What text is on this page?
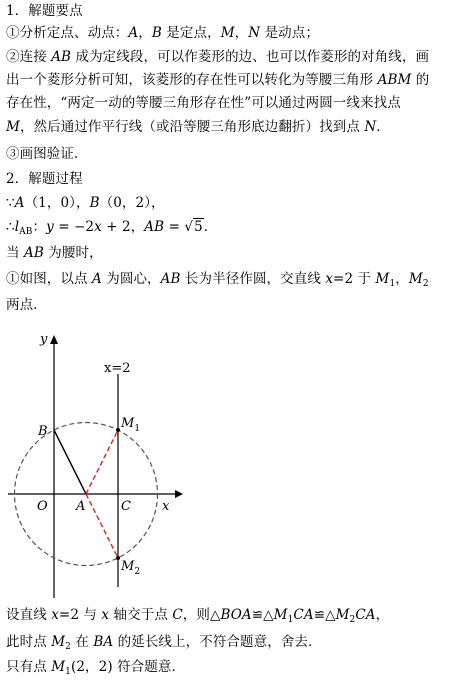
1．解题要点
①分析定点、动点：A，B 是定点，M，N 是动点；
②连接 AB 成为定线段，可以作菱形的边、也可以作菱形的对角线，画
出一个菱形分析可知，该菱形的存在性可以转化为等腰三角形 ABM 的
存在性，“两定一动的等腰三角形存在性”可以通过两圆一线来找点
M，然后通过作平行线（或沿等腰三角形底边翻折）找到点 N．
③画图验证．
2．解题过程
∵A（1，0），B（0，2），
$\therefore l_{AB}$：y = −2x + 2，AB = √5．
当 AB 为腰时，
①如图，以点 A 为圆心，AB 长为半径作圆，交直线 x=2 于 $M_1$，$M_2$
两点．
y
x
O A
B
C
x=2
$M_1$
$M_2$
设直线 x=2 与 x 轴交于点 C，则$\triangle BOA≌\triangle M_1CA≌\triangle M_2CA$，
此时点 $M_2$ 在 BA 的延长线上，不符合题意，舍去．
只有点 $M_1(2$，2) 符合题意．
